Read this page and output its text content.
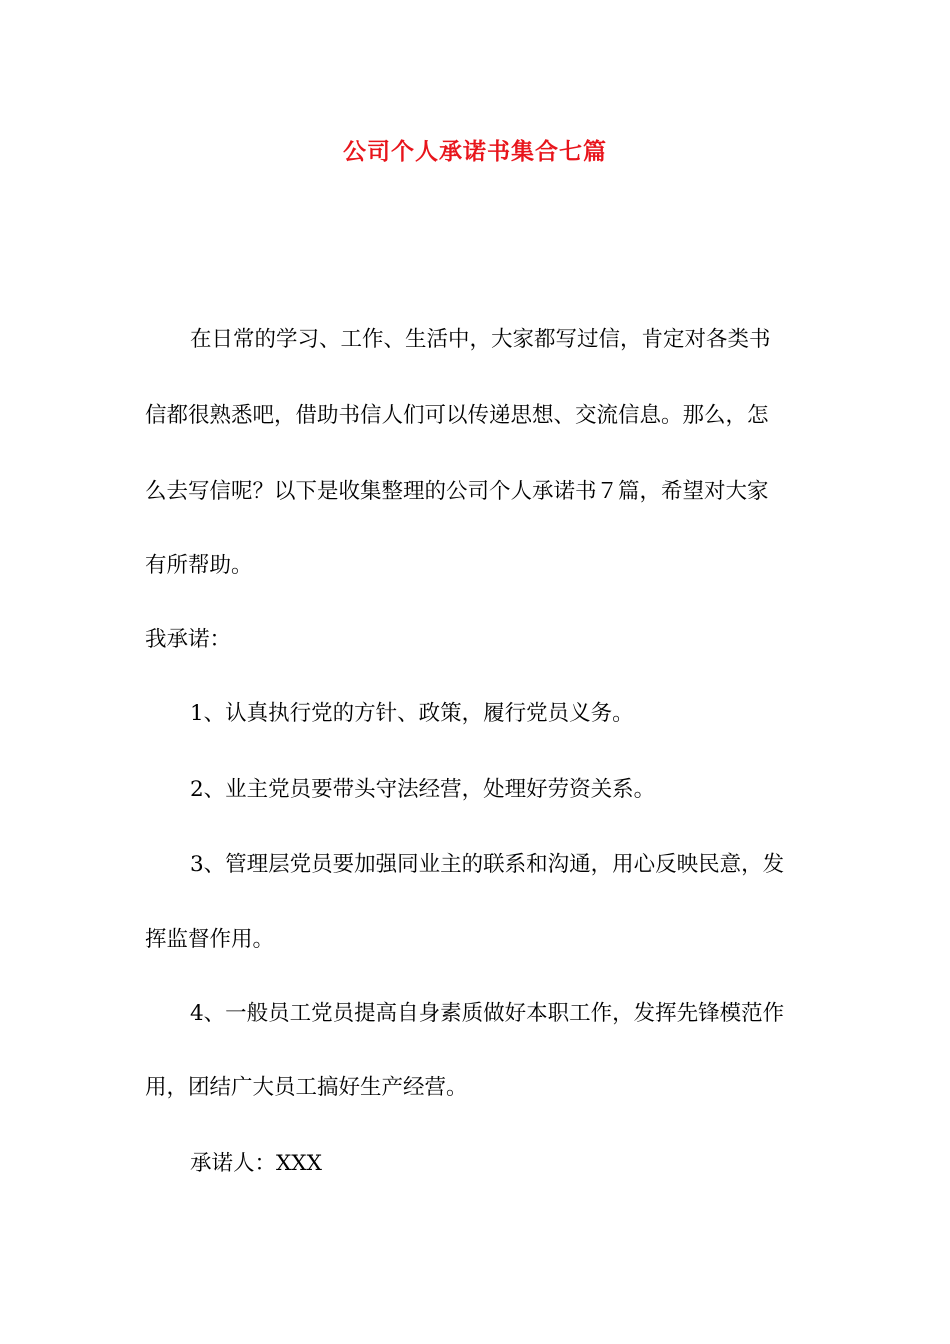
公司个人承诺书集合七篇
在日常的学习、工作、生活中，大家都写过信，肯定对各类书
信都很熟悉吧，借助书信人们可以传递思想、交流信息。那么，怎
么去写信呢？以下是收集整理的公司个人承诺书７篇，希望对大家
有所帮助。
我承诺：
1、认真执行党的方针、政策，履行党员义务。
2、业主党员要带头守法经营，处理好劳资关系。
3、管理层党员要加强同业主的联系和沟通，用心反映民意，发
挥监督作用。
4、一般员工党员提高自身素质做好本职工作，发挥先锋模范作
用，团结广大员工搞好生产经营。
承诺人：XXX
